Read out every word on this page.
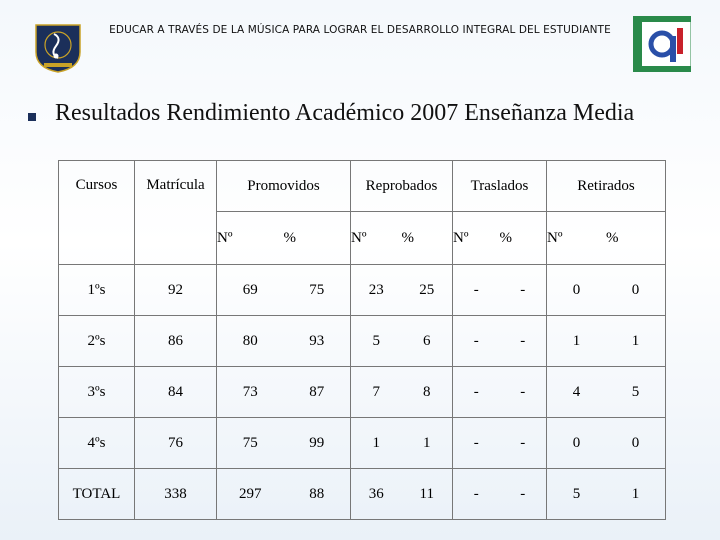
EDUCAR A TRAVÉS DE LA MÚSICA PARA LOGRAR EL DESARROLLO INTEGRAL DEL ESTUDIANTE
Resultados Rendimiento Académico 2007 Enseñanza Media
Cursos	Matrícula	Promovidos	Reprobados	Traslados	Retirados

		Nº %	Nº %	Nº %	Nº %

1ºs	92	69 75	23 25	- -	0 0

2ºs	86	80 93	5 6	- -	1 1

3ºs	84	73 87	7 8	- -	4 5

4ºs	76	75 99	1 1	- -	0 0

TOTAL	338	297 88	36 11	- -	5 1
